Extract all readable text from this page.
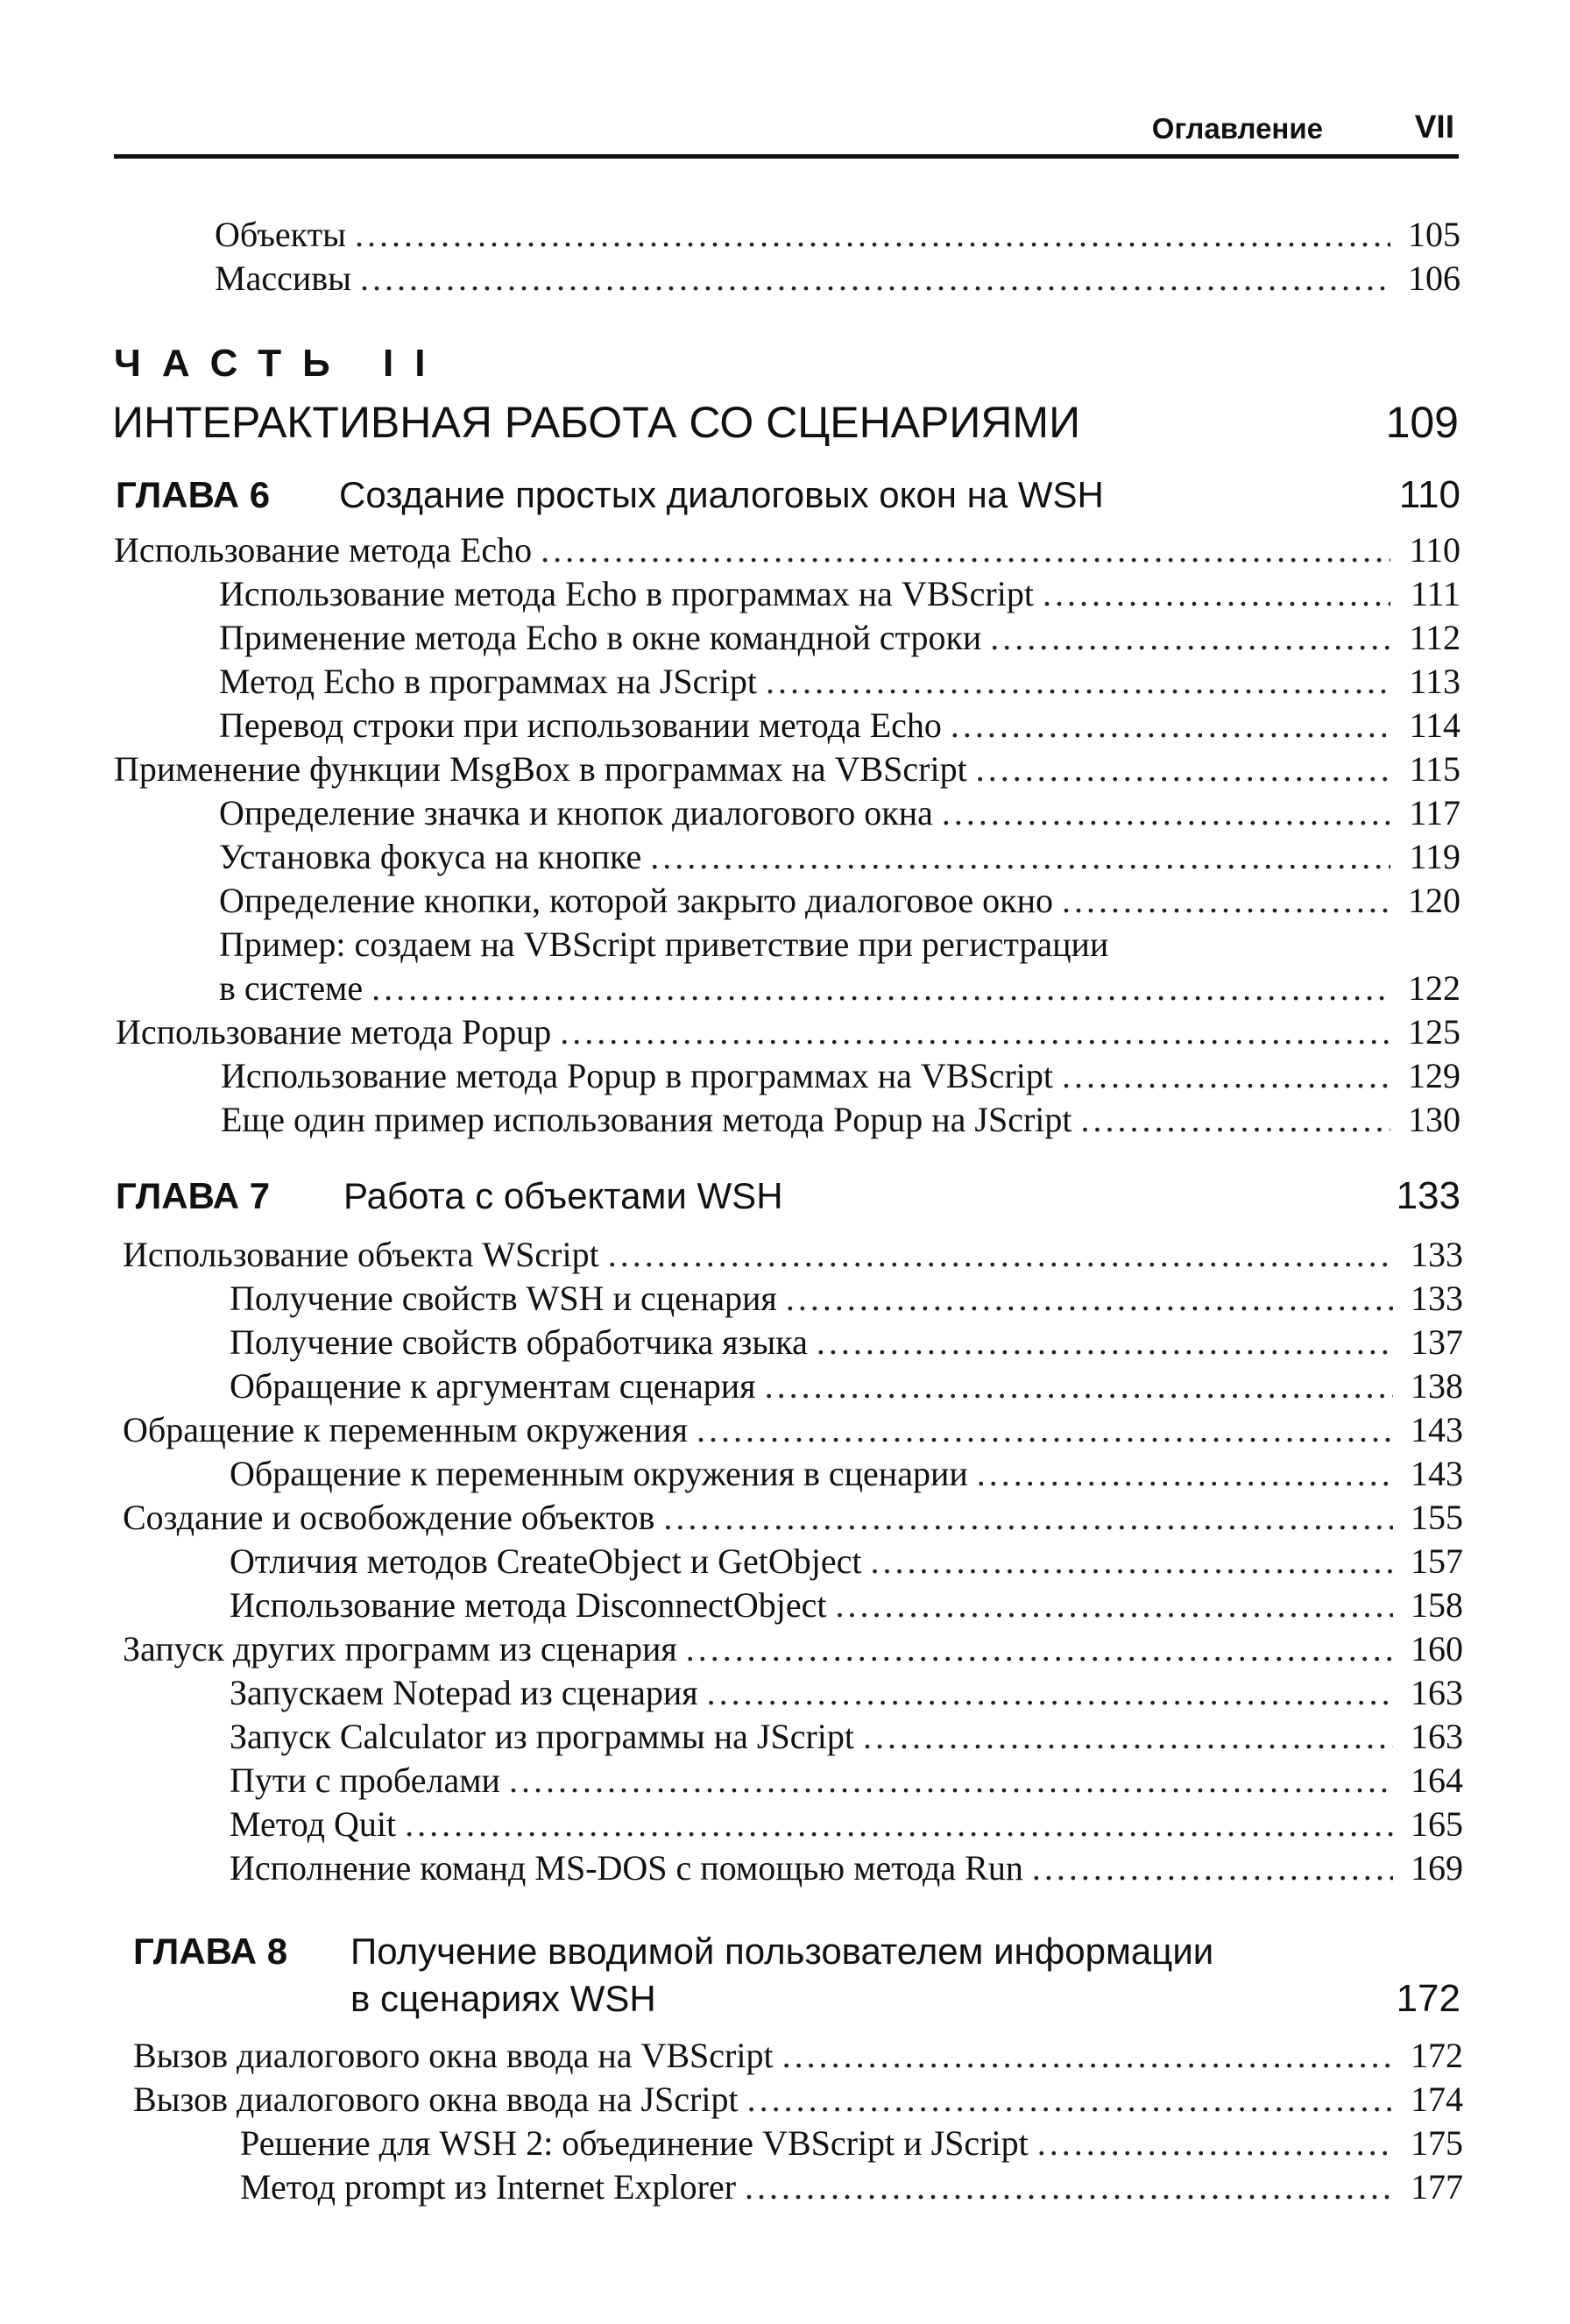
Оглавление	VII
Объекты .....	105
Массивы .....	106
ЧАСТЬ II
ИНТЕРАКТИВНАЯ РАБОТА СО СЦЕНАРИЯМИ	109
ГЛАВА 6 Создание простых диалоговых окон на WSH	110
Использование метода Echo .....	110
Использование метода Echo в программах на VBScript .....	111
Применение метода Echo в окне командной строки .....	112
Метод Echo в программах на JScript .....	113
Перевод строки при использовании метода Echo .....	114
Применение функции MsgBox в программах на VBScript .....	115
Определение значка и кнопок диалогового окна .....	117
Установка фокуса на кнопке .....	119
Определение кнопки, которой закрыто диалоговое окно .....	120
Пример: создаем на VBScript приветствие при регистрации
в системе .....	122
Использование метода Popup .....	125
Использование метода Popup в программах на VBScript .....	129
Еще один пример использования метода Popup на JScript .....	130
ГЛАВА 7 Работа с объектами WSH	133
Использование объекта WScript .....	133
Получение свойств WSH и сценария .....	133
Получение свойств обработчика языка .....	137
Обращение к аргументам сценария .....	138
Обращение к переменным окружения .....	143
Обращение к переменным окружения в сценарии .....	143
Создание и освобождение объектов .....	155
Отличия методов CreateObject и GetObject .....	157
Использование метода DisconnectObject .....	158
Запуск других программ из сценария .....	160
Запускаем Notepad из сценария .....	163
Запуск Calculator из программы на JScript .....	163
Пути с пробелами .....	164
Метод Quit .....	165
Исполнение команд MS-DOS с помощью метода Run .....	169
ГЛАВА 8 Получение вводимой пользователем информации в сценариях WSH	172
Вызов диалогового окна ввода на VBScript .....	172
Вызов диалогового окна ввода на JScript .....	174
Решение для WSH 2: объединение VBScript и JScript .....	175
Метод prompt из Internet Explorer .....	177
